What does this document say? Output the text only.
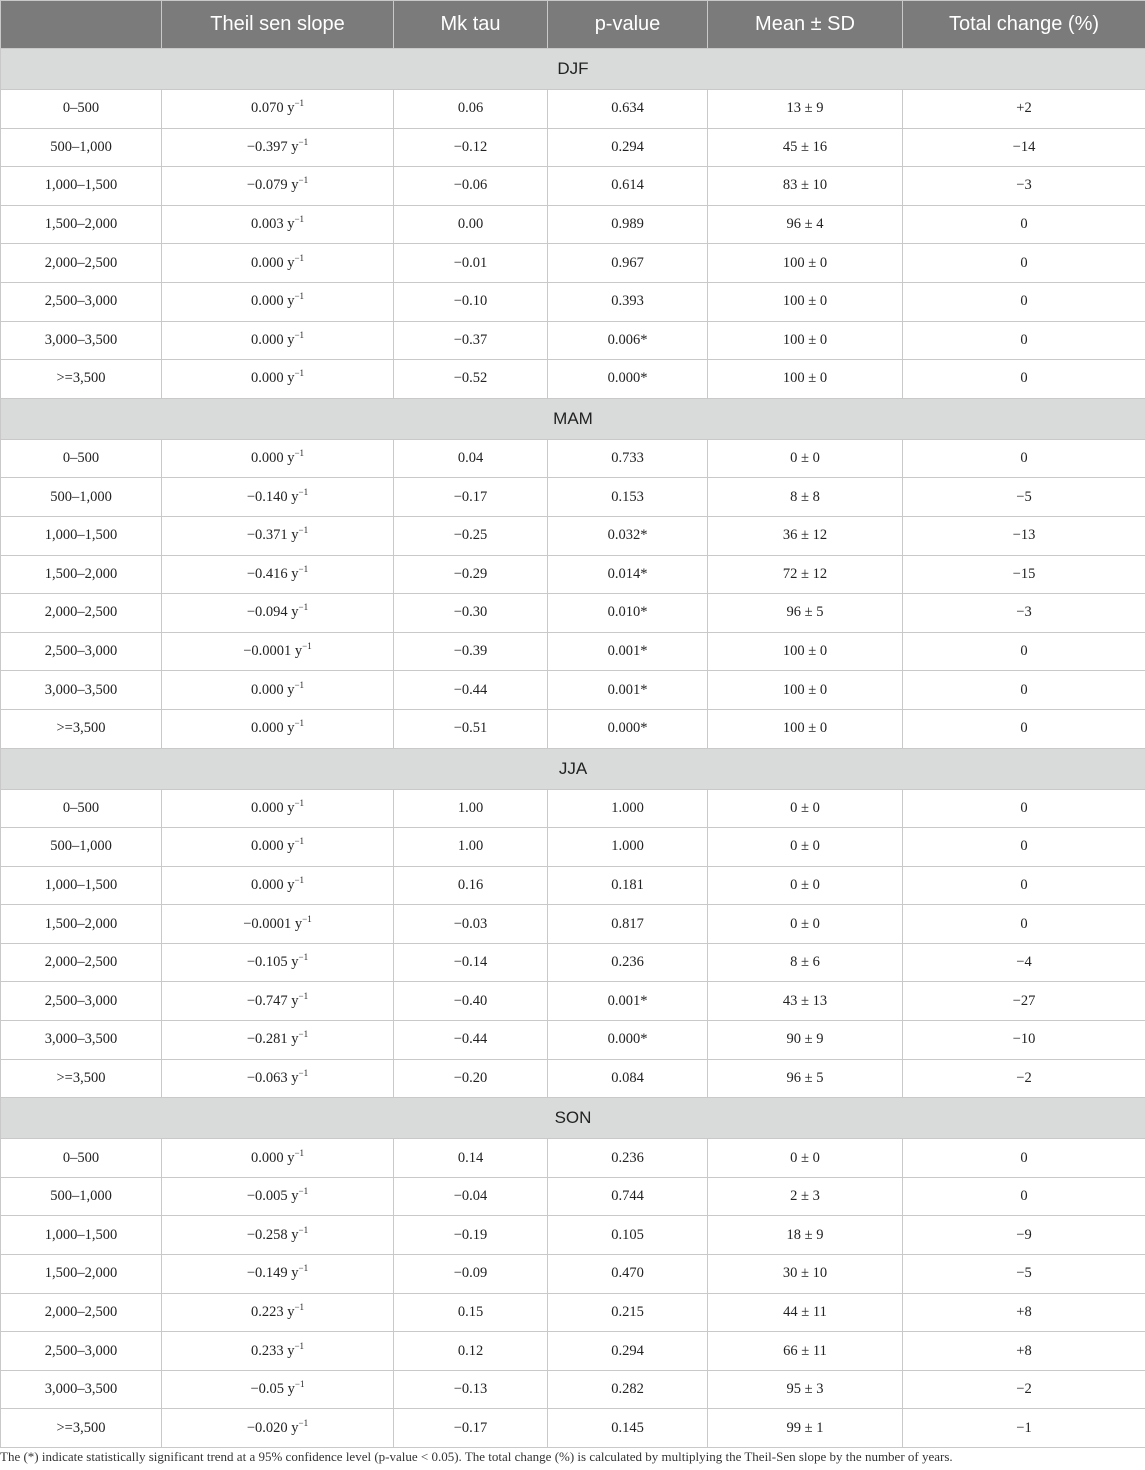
	Theil sen slope	Mk tau	p-value	Mean ± SD	Total change (%)
DJF					
0–500	0.070 $y^{-1}$	0.06	0.634	13 ± 9	+2
500–1,000	−0.397 $y^{-1}$	−0.12	0.294	45 ± 16	−14
1,000–1,500	−0.079 $y^{-1}$	−0.06	0.614	83 ± 10	−3
1,500–2,000	0.003 $y^{-1}$	0.00	0.989	96 ± 4	0
2,000–2,500	0.000 $y^{-1}$	−0.01	0.967	100 ± 0	0
2,500–3,000	0.000 $y^{-1}$	−0.10	0.393	100 ± 0	0
3,000–3,500	0.000 $y^{-1}$	−0.37	0.006*	100 ± 0	0
>=3,500	0.000 $y^{-1}$	−0.52	0.000*	100 ± 0	0
MAM					
0–500	0.000 $y^{-1}$	0.04	0.733	0 ± 0	0
500–1,000	−0.140 $y^{-1}$	−0.17	0.153	8 ± 8	−5
1,000–1,500	−0.371 $y^{-1}$	−0.25	0.032*	36 ± 12	−13
1,500–2,000	−0.416 $y^{-1}$	−0.29	0.014*	72 ± 12	−15
2,000–2,500	−0.094 $y^{-1}$	−0.30	0.010*	96 ± 5	−3
2,500–3,000	−0.0001 $y^{-1}$	−0.39	0.001*	100 ± 0	0
3,000–3,500	0.000 $y^{-1}$	−0.44	0.001*	100 ± 0	0
>=3,500	0.000 $y^{-1}$	−0.51	0.000*	100 ± 0	0
JJA					
0–500	0.000 $y^{-1}$	1.00	1.000	0 ± 0	0
500–1,000	0.000 $y^{-1}$	1.00	1.000	0 ± 0	0
1,000–1,500	0.000 $y^{-1}$	0.16	0.181	0 ± 0	0
1,500–2,000	−0.0001 $y^{-1}$	−0.03	0.817	0 ± 0	0
2,000–2,500	−0.105 $y^{-1}$	−0.14	0.236	8 ± 6	−4
2,500–3,000	−0.747 $y^{-1}$	−0.40	0.001*	43 ± 13	−27
3,000–3,500	−0.281 $y^{-1}$	−0.44	0.000*	90 ± 9	−10
>=3,500	−0.063 $y^{-1}$	−0.20	0.084	96 ± 5	−2
SON					
0–500	0.000 $y^{-1}$	0.14	0.236	0 ± 0	0
500–1,000	−0.005 $y^{-1}$	−0.04	0.744	2 ± 3	0
1,000–1,500	−0.258 $y^{-1}$	−0.19	0.105	18 ± 9	−9
1,500–2,000	−0.149 $y^{-1}$	−0.09	0.470	30 ± 10	−5
2,000–2,500	0.223 $y^{-1}$	0.15	0.215	44 ± 11	+8
2,500–3,000	0.233 $y^{-1}$	0.12	0.294	66 ± 11	+8
3,000–3,500	−0.05 $y^{-1}$	−0.13	0.282	95 ± 3	−2
>=3,500	−0.020 $y^{-1}$	−0.17	0.145	99 ± 1	−1
The (*) indicate statistically significant trend at a 95% confidence level (p-value < 0.05). The total change (%) is calculated by multiplying the Theil-Sen slope by the number of years.
